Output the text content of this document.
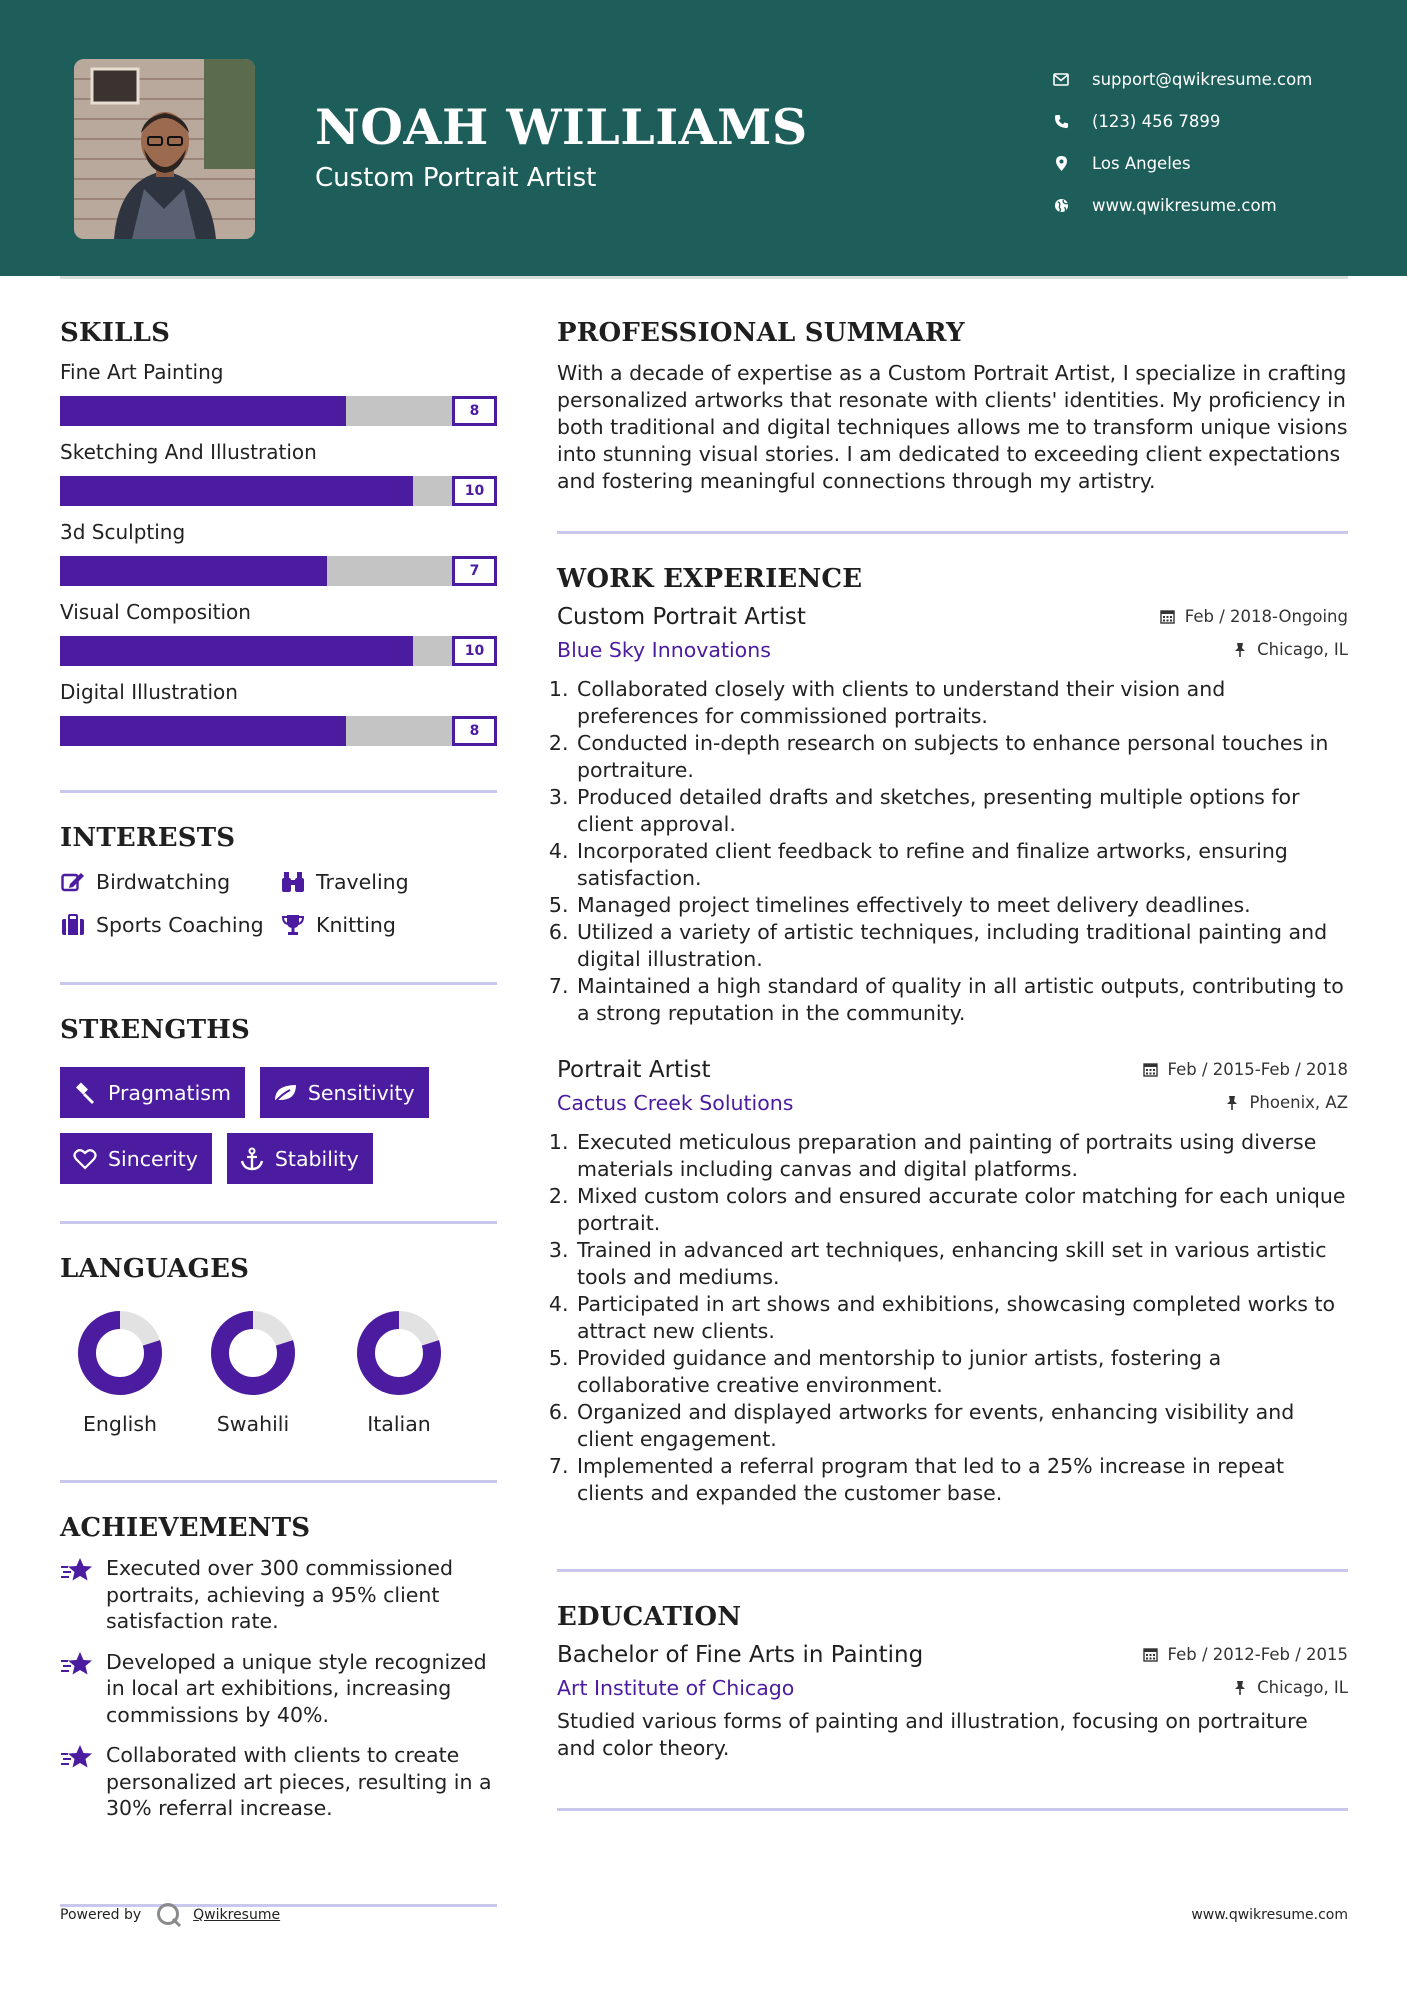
NOAH WILLIAMS
Custom Portrait Artist
support@qwikresume.com
(123) 456 7899
Los Angeles
www.qwikresume.com
SKILLS
Fine Art Painting
8
Sketching And Illustration
10
3d Sculpting
7
Visual Composition
10
Digital Illustration
8
INTERESTS
Birdwatching	Traveling
Sports Coaching	Knitting
STRENGTHS
Pragmatism	Sensitivity
Sincerity	Stability
LANGUAGES
English	Swahili	Italian
ACHIEVEMENTS
Executed over 300 commissioned portraits, achieving a 95% client satisfaction rate.
Developed a unique style recognized in local art exhibitions, increasing commissions by 40%.
Collaborated with clients to create personalized art pieces, resulting in a 30% referral increase.
PROFESSIONAL SUMMARY
With a decade of expertise as a Custom Portrait Artist, I specialize in crafting personalized artworks that resonate with clients' identities. My proficiency in both traditional and digital techniques allows me to transform unique visions into stunning visual stories. I am dedicated to exceeding client expectations and fostering meaningful connections through my artistry.
WORK EXPERIENCE
Custom Portrait Artist	Feb / 2018-Ongoing
Blue Sky Innovations	Chicago, IL
1. Collaborated closely with clients to understand their vision and preferences for commissioned portraits.
2. Conducted in-depth research on subjects to enhance personal touches in portraiture.
3. Produced detailed drafts and sketches, presenting multiple options for client approval.
4. Incorporated client feedback to refine and finalize artworks, ensuring satisfaction.
5. Managed project timelines effectively to meet delivery deadlines.
6. Utilized a variety of artistic techniques, including traditional painting and digital illustration.
7. Maintained a high standard of quality in all artistic outputs, contributing to a strong reputation in the community.
Portrait Artist	Feb / 2015-Feb / 2018
Cactus Creek Solutions	Phoenix, AZ
1. Executed meticulous preparation and painting of portraits using diverse materials including canvas and digital platforms.
2. Mixed custom colors and ensured accurate color matching for each unique portrait.
3. Trained in advanced art techniques, enhancing skill set in various artistic tools and mediums.
4. Participated in art shows and exhibitions, showcasing completed works to attract new clients.
5. Provided guidance and mentorship to junior artists, fostering a collaborative creative environment.
6. Organized and displayed artworks for events, enhancing visibility and client engagement.
7. Implemented a referral program that led to a 25% increase in repeat clients and expanded the customer base.
EDUCATION
Bachelor of Fine Arts in Painting	Feb / 2012-Feb / 2015
Art Institute of Chicago	Chicago, IL
Studied various forms of painting and illustration, focusing on portraiture and color theory.
Powered by	Qwikresume	www.qwikresume.com
